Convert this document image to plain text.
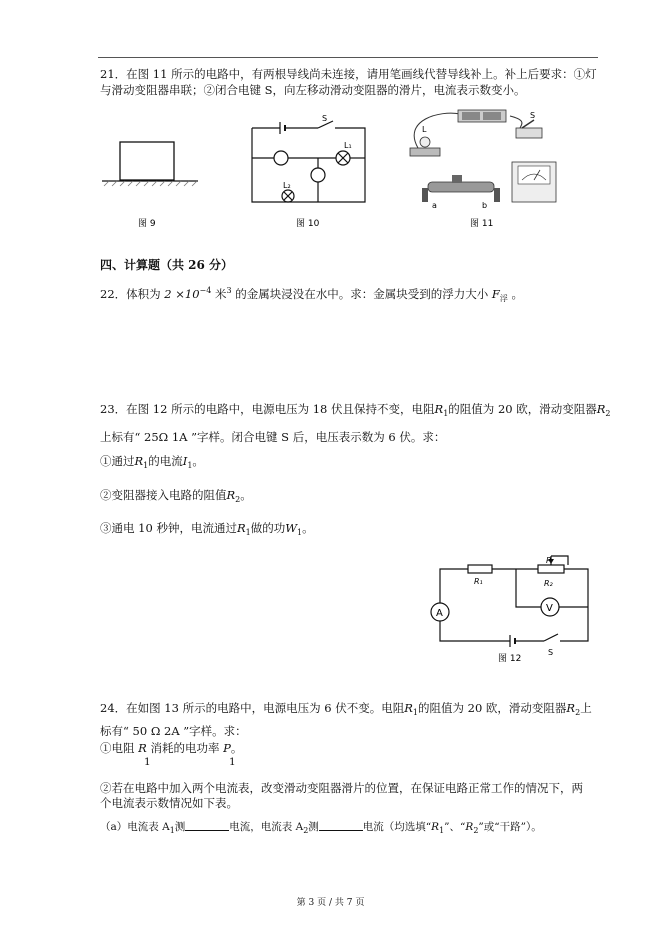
21．在图 11 所示的电路中，有两根导线尚未连接，请用笔画线代替导线补上。补上后要求：①灯
与滑动变阻器串联；②闭合电键 S，向左移动滑动变阻器的滑片，电流表示数变小。
图 9
S
L₁
L₂
图 10
L
S
a	b
图 11
四、计算题（共 26 分）
22．体积为 $2 \times 10^{-4}$ 米$^3$ 的金属块浸没在水中。求：金属块受到的浮力大小 $F_浮$ 。
23．在图 12 所示的电路中，电源电压为 18 伏且保持不变，电阻$R_1$的阻值为 20 欧，滑动变阻器$R_2$
上标有“ 25Ω 1A ”字样。闭合电键 S 后，电压表示数为 6 伏。求：
①通过$R_1$的电流$I_1$。
②变阻器接入电路的阻值$R_2$。
③通电 10 秒钟，电流通过$R_1$做的功$W_1$。
P
R₁	R₂
A	V
S
图 12
24．在如图 13 所示的电路中，电源电压为 6 伏不变。电阻$R_1$的阻值为 20 欧，滑动变阻器$R_2$上
标有“ 50 Ω 2A ”字样。求：
①电阻 R 消耗的电功率 P。
1	1
②若在电路中加入两个电流表，改变滑动变阻器滑片的位置，在保证电路正常工作的情况下，两
个电流表示数情况如下表。
（a）电流表 $A_1$测	电流，电流表 $A_2$测	电流（均选填“$R_1$”、“$R_2$”或“干路”）。
第 3 页 / 共 7 页
